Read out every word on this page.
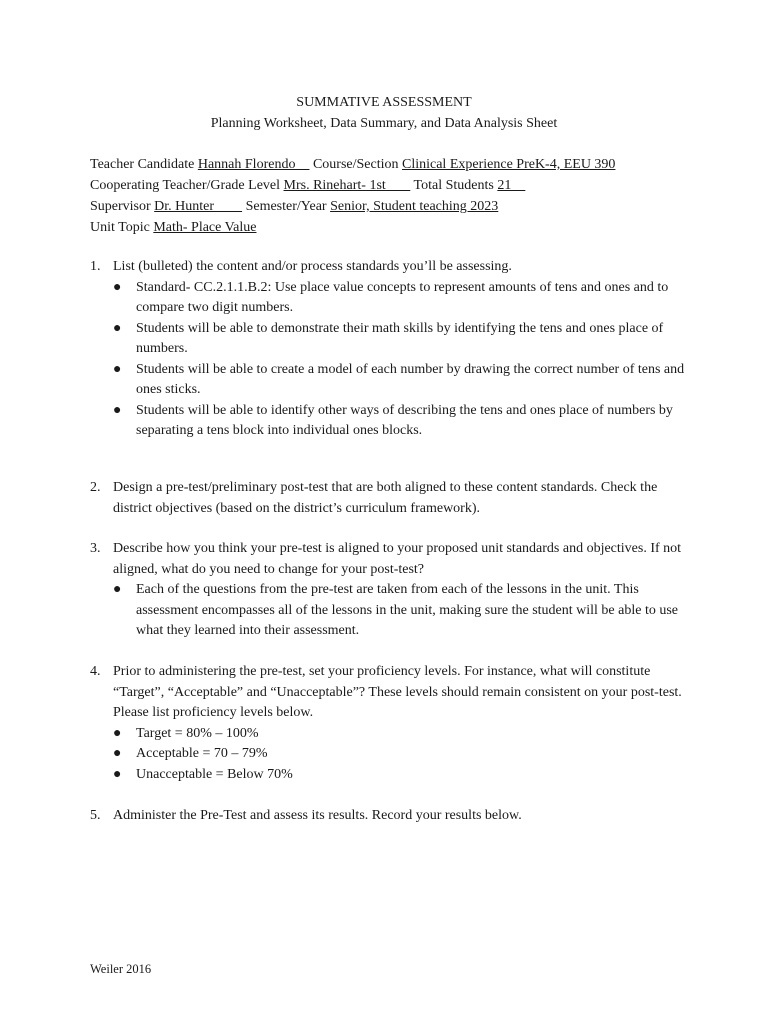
SUMMATIVE ASSESSMENT
Planning Worksheet, Data Summary, and Data Analysis Sheet
Teacher Candidate Hannah Florendo     Course/Section Clinical Experience PreK-4, EEU 390
Cooperating Teacher/Grade Level Mrs. Rinehart- 1st        Total Students 21
Supervisor Dr. Hunter         Semester/Year Senior, Student teaching 2023
Unit Topic Math- Place Value
1. List (bulleted) the content and/or process standards you’ll be assessing.
● Standard- CC.2.1.1.B.2: Use place value concepts to represent amounts of tens and ones and to compare two digit numbers.
● Students will be able to demonstrate their math skills by identifying the tens and ones place of numbers.
● Students will be able to create a model of each number by drawing the correct number of tens and ones sticks.
● Students will be able to identify other ways of describing the tens and ones place of numbers by separating a tens block into individual ones blocks.
2. Design a pre-test/preliminary post-test that are both aligned to these content standards. Check the district objectives (based on the district’s curriculum framework).
3. Describe how you think your pre-test is aligned to your proposed unit standards and objectives. If not aligned, what do you need to change for your post-test?
● Each of the questions from the pre-test are taken from each of the lessons in the unit. This assessment encompasses all of the lessons in the unit, making sure the student will be able to use what they learned into their assessment.
4. Prior to administering the pre-test, set your proficiency levels. For instance, what will constitute “Target”, “Acceptable” and “Unacceptable”? These levels should remain consistent on your post-test. Please list proficiency levels below.
● Target = 80% – 100%
● Acceptable = 70 – 79%
● Unacceptable = Below 70%
5. Administer the Pre-Test and assess its results. Record your results below.
Weiler 2016
